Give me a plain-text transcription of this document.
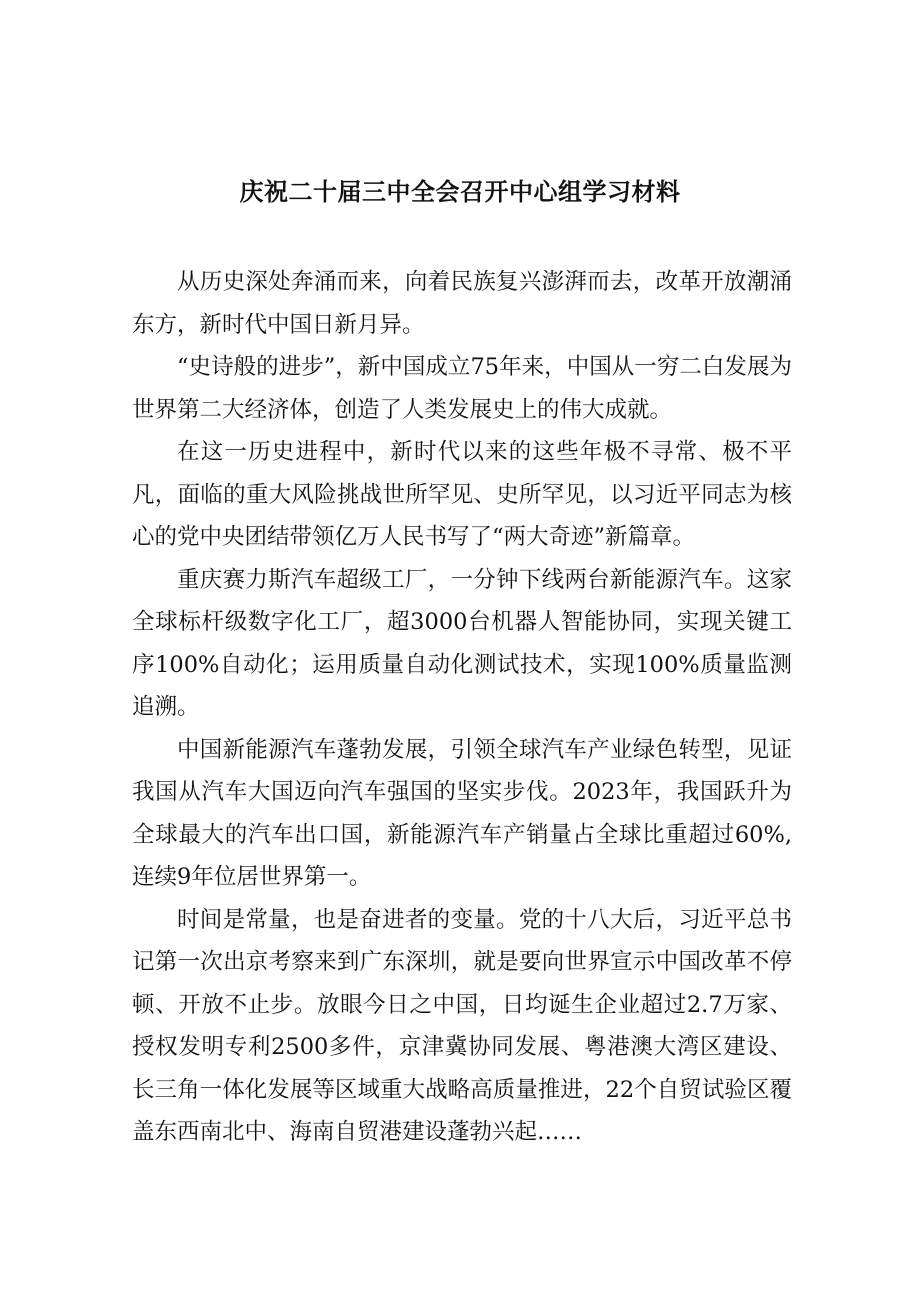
庆祝二十届三中全会召开中心组学习材料

从历史深处奔涌而来，向着民族复兴澎湃而去，改革开放潮涌东方，新时代中国日新月异。

“史诗般的进步”，新中国成立75年来，中国从一穷二白发展为世界第二大经济体，创造了人类发展史上的伟大成就。

在这一历史进程中，新时代以来的这些年极不寻常、极不平凡，面临的重大风险挑战世所罕见、史所罕见，以习近平同志为核心的党中央团结带领亿万人民书写了“两大奇迹”新篇章。

重庆赛力斯汽车超级工厂，一分钟下线两台新能源汽车。这家全球标杆级数字化工厂，超3000台机器人智能协同，实现关键工序100%自动化；运用质量自动化测试技术，实现100%质量监测追溯。

中国新能源汽车蓬勃发展，引领全球汽车产业绿色转型，见证我国从汽车大国迈向汽车强国的坚实步伐。2023年，我国跃升为全球最大的汽车出口国，新能源汽车产销量占全球比重超过60%,连续9年位居世界第一。

时间是常量，也是奋进者的变量。党的十八大后，习近平总书记第一次出京考察来到广东深圳，就是要向世界宣示中国改革不停顿、开放不止步。放眼今日之中国，日均诞生企业超过2.7万家、授权发明专利2500多件，京津冀协同发展、粤港澳大湾区建设、长三角一体化发展等区域重大战略高质量推进，22个自贸试验区覆盖东西南北中、海南自贸港建设蓬勃兴起……
